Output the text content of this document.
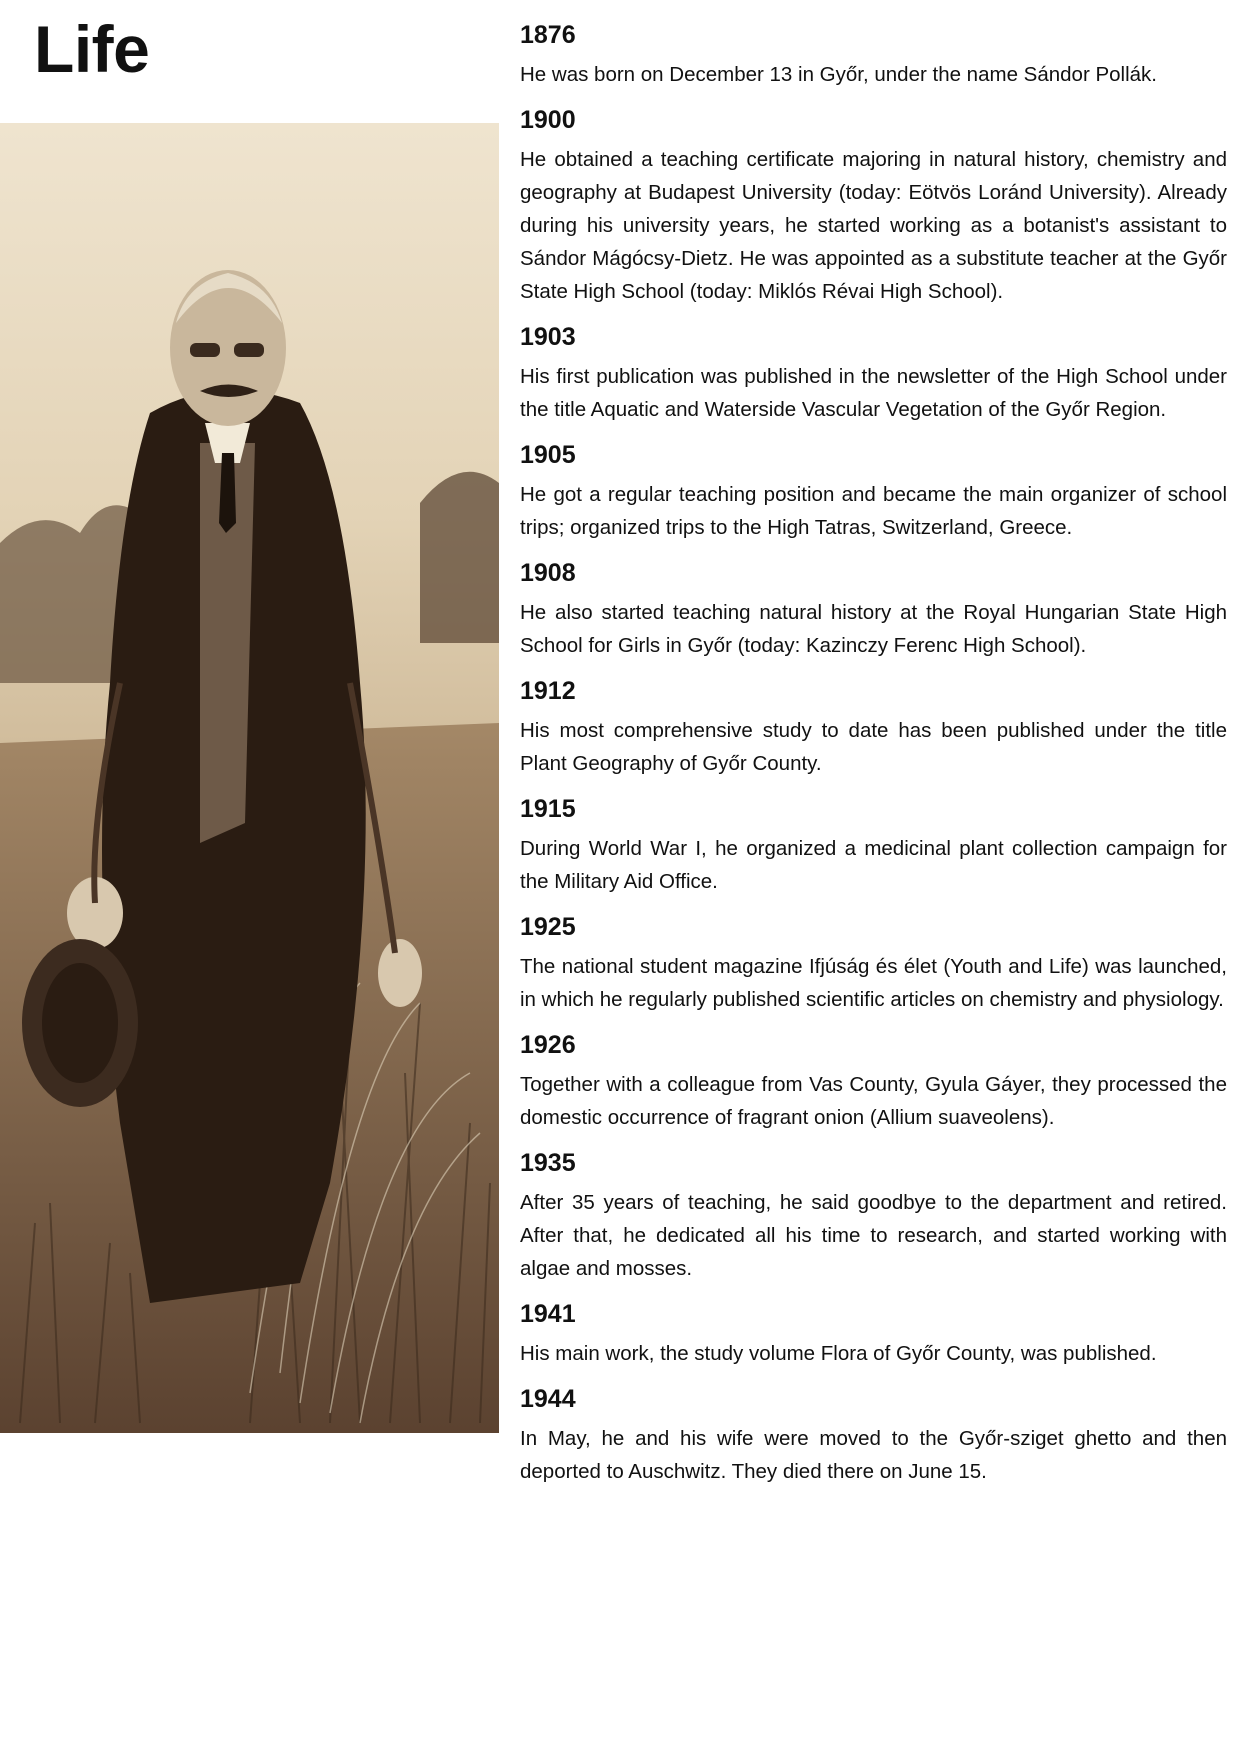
Life	1876

He was born on December 13 in Győr, under the name Sándor Pollák.

1900

He obtained a teaching certificate majoring in natural history, chemistry and geography at Budapest University (today: Eötvös Loránd University). Already during his university years, he started working as a botanist's assistant to Sándor Mágócsy-Dietz. He was appointed as a substitute teacher at the Győr State High School (today: Miklós Révai High School).

1903

His first publication was published in the newsletter of the High School under the title Aquatic and Waterside Vascular Vegetation of the Győr Region.

1905

He got a regular teaching position and became the main organizer of school trips; organized trips to the High Tatras, Switzerland, Greece.

1908

He also started teaching natural history at the Royal Hungarian State High School for Girls in Győr (today: Kazinczy Ferenc High School).

1912

His most comprehensive study to date has been published under the title Plant Geography of Győr County.

1915

During World War I, he organized a medicinal plant collection campaign for the Military Aid Office.

1925

The national student magazine Ifjúság és élet (Youth and Life) was launched, in which he regularly published scientific articles on chemistry and physiology.

1926

Together with a colleague from Vas County, Gyula Gáyer, they processed the domestic occurrence of fragrant onion (Allium suaveolens).

1935

After 35 years of teaching, he said goodbye to the department and retired. After that, he dedicated all his time to research, and started working with algae and mosses.

1941

His main work, the study volume Flora of Győr County, was published.

1944

In May, he and his wife were moved to the Győr-sziget ghetto and then deported to Auschwitz. They died there on June 15.
